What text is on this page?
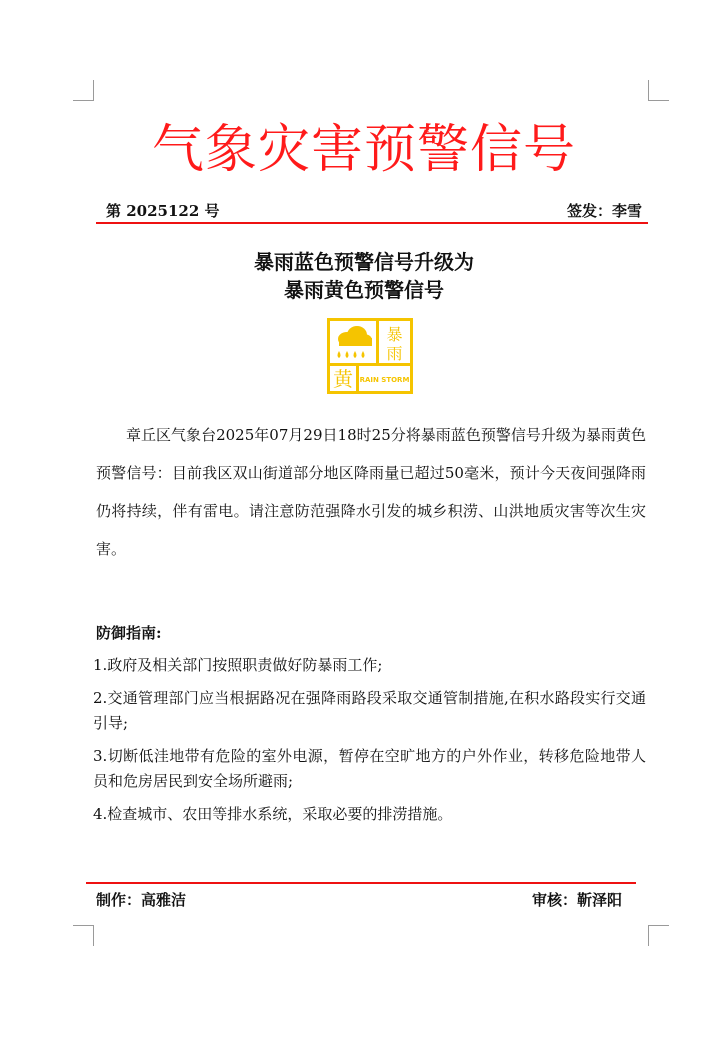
气象灾害预警信号
第 2025122 号	签发：李雪
暴雨蓝色预警信号升级为
暴雨黄色预警信号
暴
雨
黄 RAIN STORM
章丘区气象台2025年07月29日18时25分将暴雨蓝色预警信号升级为暴雨黄色预警信号：目前我区双山街道部分地区降雨量已超过50毫米，预计今天夜间强降雨仍将持续，伴有雷电。请注意防范强降水引发的城乡积涝、山洪地质灾害等次生灾害。
防御指南:
1.政府及相关部门按照职责做好防暴雨工作;
2.交通管理部门应当根据路况在强降雨路段采取交通管制措施,在积水路段实行交通引导;
3.切断低洼地带有危险的室外电源，暂停在空旷地方的户外作业，转移危险地带人员和危房居民到安全场所避雨;
4.检查城市、农田等排水系统，采取必要的排涝措施。
制作：高雅洁	审核：靳泽阳
